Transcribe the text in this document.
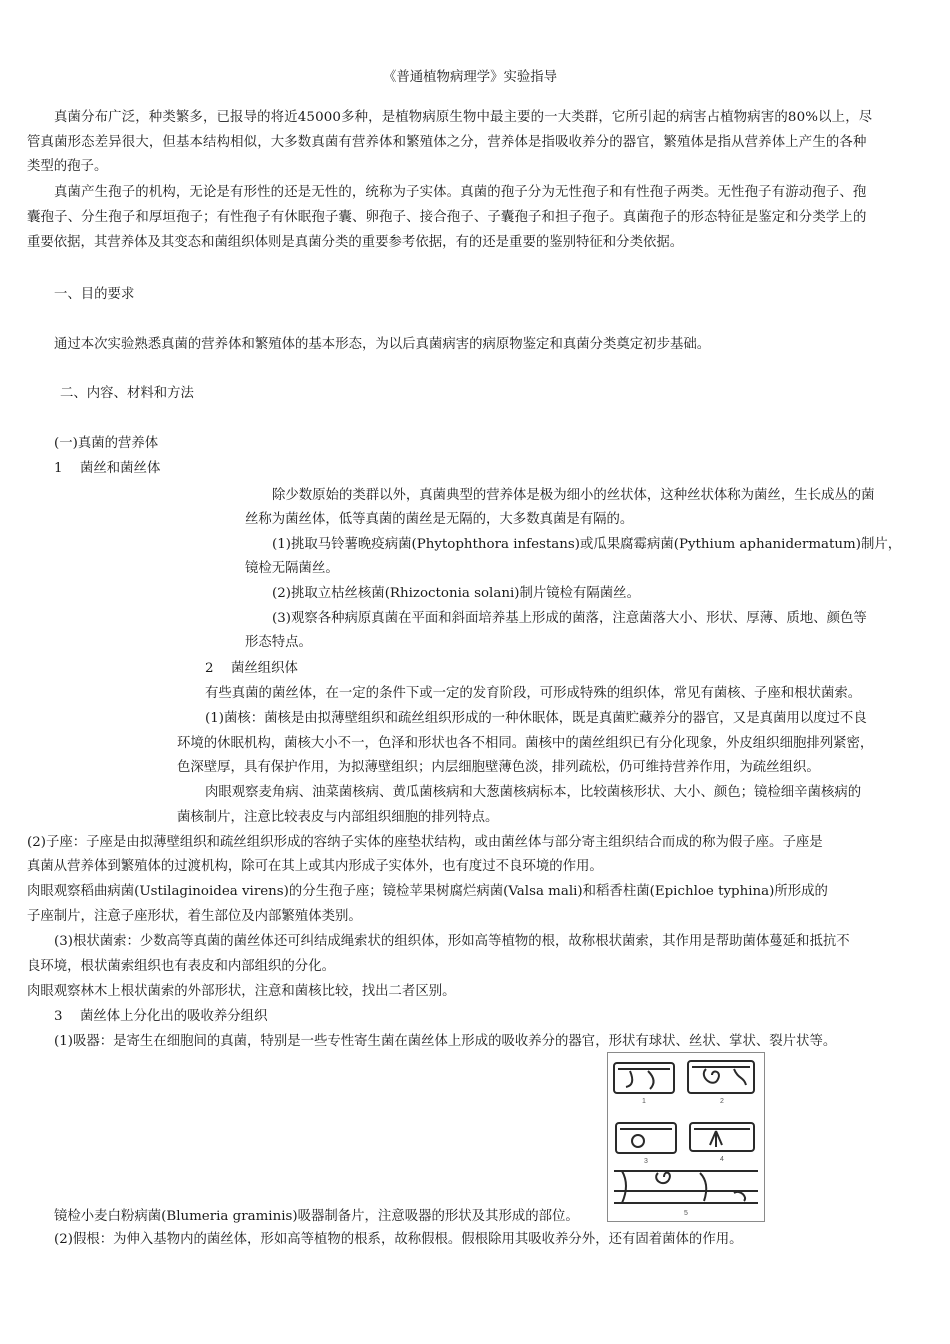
《普通植物病理学》实验指导
真菌分布广泛，种类繁多，已报导的将近45000多种，是植物病原生物中最主要的一大类群，它所引起的病害占植物病害的80%以上，尽
管真菌形态差异很大，但基本结构相似，大多数真菌有营养体和繁殖体之分，营养体是指吸收养分的器官，繁殖体是指从营养体上产生的各种
类型的孢子。
真菌产生孢子的机构，无论是有形性的还是无性的，统称为子实体。真菌的孢子分为无性孢子和有性孢子两类。无性孢子有游动孢子、孢
囊孢子、分生孢子和厚垣孢子；有性孢子有休眠孢子囊、卵孢子、接合孢子、子囊孢子和担子孢子。真菌孢子的形态特征是鉴定和分类学上的
重要依据，其营养体及其变态和菌组织体则是真菌分类的重要参考依据，有的还是重要的鉴别特征和分类依据。
一、目的要求
通过本次实验熟悉真菌的营养体和繁殖体的基本形态，为以后真菌病害的病原物鉴定和真菌分类奠定初步基础。
二、内容、材料和方法
(一)真菌的营养体
1 菌丝和菌丝体
除少数原始的类群以外，真菌典型的营养体是极为细小的丝状体，这种丝状体称为菌丝，生长成丛的菌
丝称为菌丝体，低等真菌的菌丝是无隔的，大多数真菌是有隔的。
(1)挑取马铃薯晚疫病菌(Phytophthora infestans)或瓜果腐霉病菌(Pythium aphanidermatum)制片，
镜检无隔菌丝。
(2)挑取立枯丝核菌(Rhizoctonia solani)制片镜检有隔菌丝。
(3)观察各种病原真菌在平面和斜面培养基上形成的菌落，注意菌落大小、形状、厚薄、质地、颜色等
形态特点。
2 菌丝组织体
有些真菌的菌丝体，在一定的条件下或一定的发育阶段，可形成特殊的组织体，常见有菌核、子座和根状菌索。
(1)菌核：菌核是由拟薄壁组织和疏丝组织形成的一种休眠体，既是真菌贮藏养分的器官，又是真菌用以度过不良
环境的休眠机构，菌核大小不一，色泽和形状也各不相同。菌核中的菌丝组织已有分化现象，外皮组织细胞排列紧密，
色深壁厚，具有保护作用，为拟薄壁组织；内层细胞壁薄色淡，排列疏松，仍可维持营养作用，为疏丝组织。
肉眼观察麦角病、油菜菌核病、黄瓜菌核病和大葱菌核病标本，比较菌核形状、大小、颜色；镜检细辛菌核病的
菌核制片，注意比较表皮与内部组织细胞的排列特点。
(2)子座：子座是由拟薄壁组织和疏丝组织形成的容纳子实体的座垫状结构，或由菌丝体与部分寄主组织结合而成的称为假子座。子座是
真菌从营养体到繁殖体的过渡机构，除可在其上或其内形成子实体外，也有度过不良环境的作用。
肉眼观察稻曲病菌(Ustilaginoidea virens)的分生孢子座；镜检苹果树腐烂病菌(Valsa mali)和稻香柱菌(Epichloe typhina)所形成的
子座制片，注意子座形状，着生部位及内部繁殖体类别。
(3)根状菌索：少数高等真菌的菌丝体还可纠结成绳索状的组织体，形如高等植物的根，故称根状菌索，其作用是帮助菌体蔓延和抵抗不
良环境，根状菌索组织也有表皮和内部组织的分化。
肉眼观察林木上根状菌索的外部形状，注意和菌核比较，找出二者区别。
3 菌丝体上分化出的吸收养分组织
(1)吸器：是寄生在细胞间的真菌，特别是一些专性寄生菌在菌丝体上形成的吸收养分的器官，形状有球状、丝状、掌状、裂片状等。
1	2
3	4
5
镜检小麦白粉病菌(Blumeria graminis)吸器制备片，注意吸器的形状及其形成的部位。
(2)假根：为伸入基物内的菌丝体，形如高等植物的根系，故称假根。假根除用其吸收养分外，还有固着菌体的作用。
